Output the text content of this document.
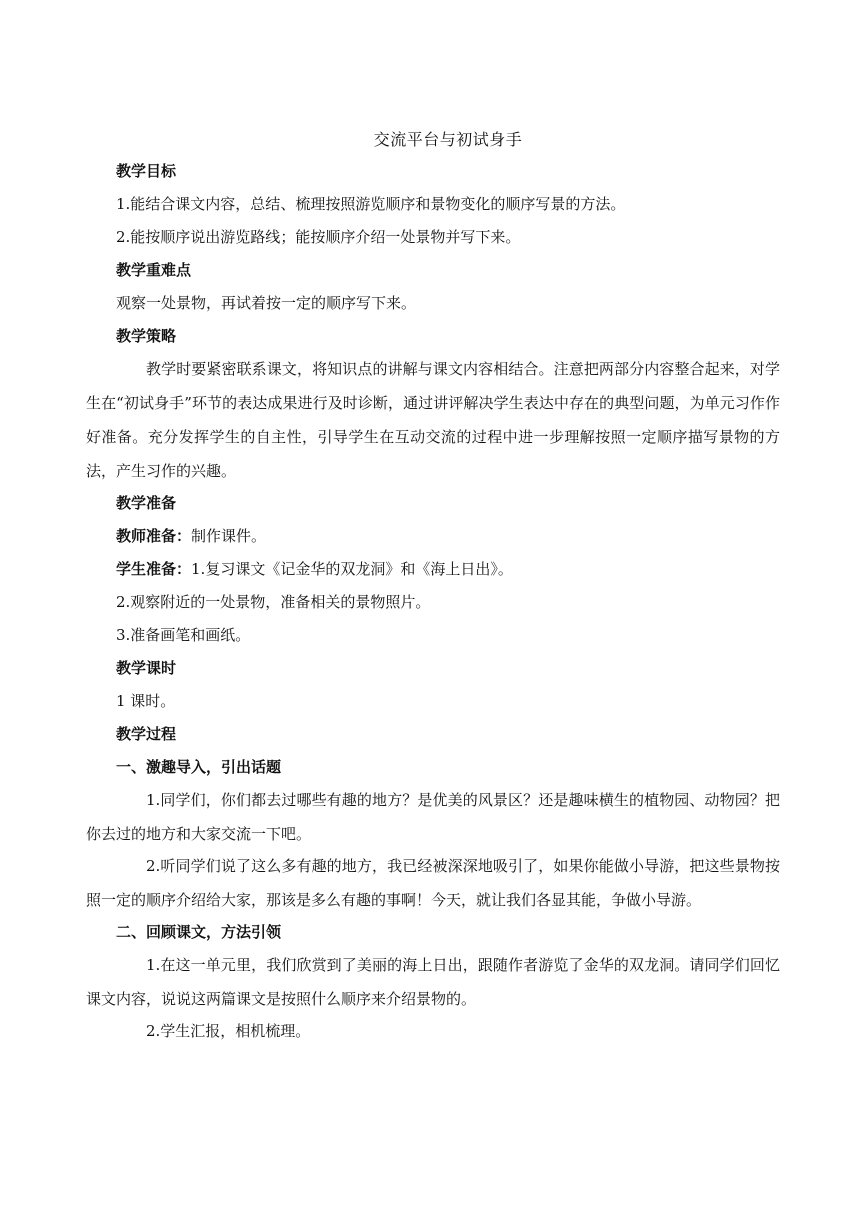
交流平台与初试身手
教学目标
1.能结合课文内容，总结、梳理按照游览顺序和景物变化的顺序写景的方法。
2.能按顺序说出游览路线；能按顺序介绍一处景物并写下来。
教学重难点
观察一处景物，再试着按一定的顺序写下来。
教学策略
教学时要紧密联系课文，将知识点的讲解与课文内容相结合。注意把两部分内容整合起来，对学生在“初试身手”环节的表达成果进行及时诊断，通过讲评解决学生表达中存在的典型问题，为单元习作作好准备。充分发挥学生的自主性，引导学生在互动交流的过程中进一步理解按照一定顺序描写景物的方法，产生习作的兴趣。
教学准备
教师准备：制作课件。
学生准备：1.复习课文《记金华的双龙洞》和《海上日出》。
2.观察附近的一处景物，准备相关的景物照片。
3.准备画笔和画纸。
教学课时
1 课时。
教学过程
一、激趣导入，引出话题
1.同学们，你们都去过哪些有趣的地方？是优美的风景区？还是趣味横生的植物园、动物园？把你去过的地方和大家交流一下吧。
2.听同学们说了这么多有趣的地方，我已经被深深地吸引了，如果你能做小导游，把这些景物按照一定的顺序介绍给大家，那该是多么有趣的事啊！今天，就让我们各显其能，争做小导游。
二、回顾课文，方法引领
1.在这一单元里，我们欣赏到了美丽的海上日出，跟随作者游览了金华的双龙洞。请同学们回忆课文内容，说说这两篇课文是按照什么顺序来介绍景物的。
2.学生汇报，相机梳理。
